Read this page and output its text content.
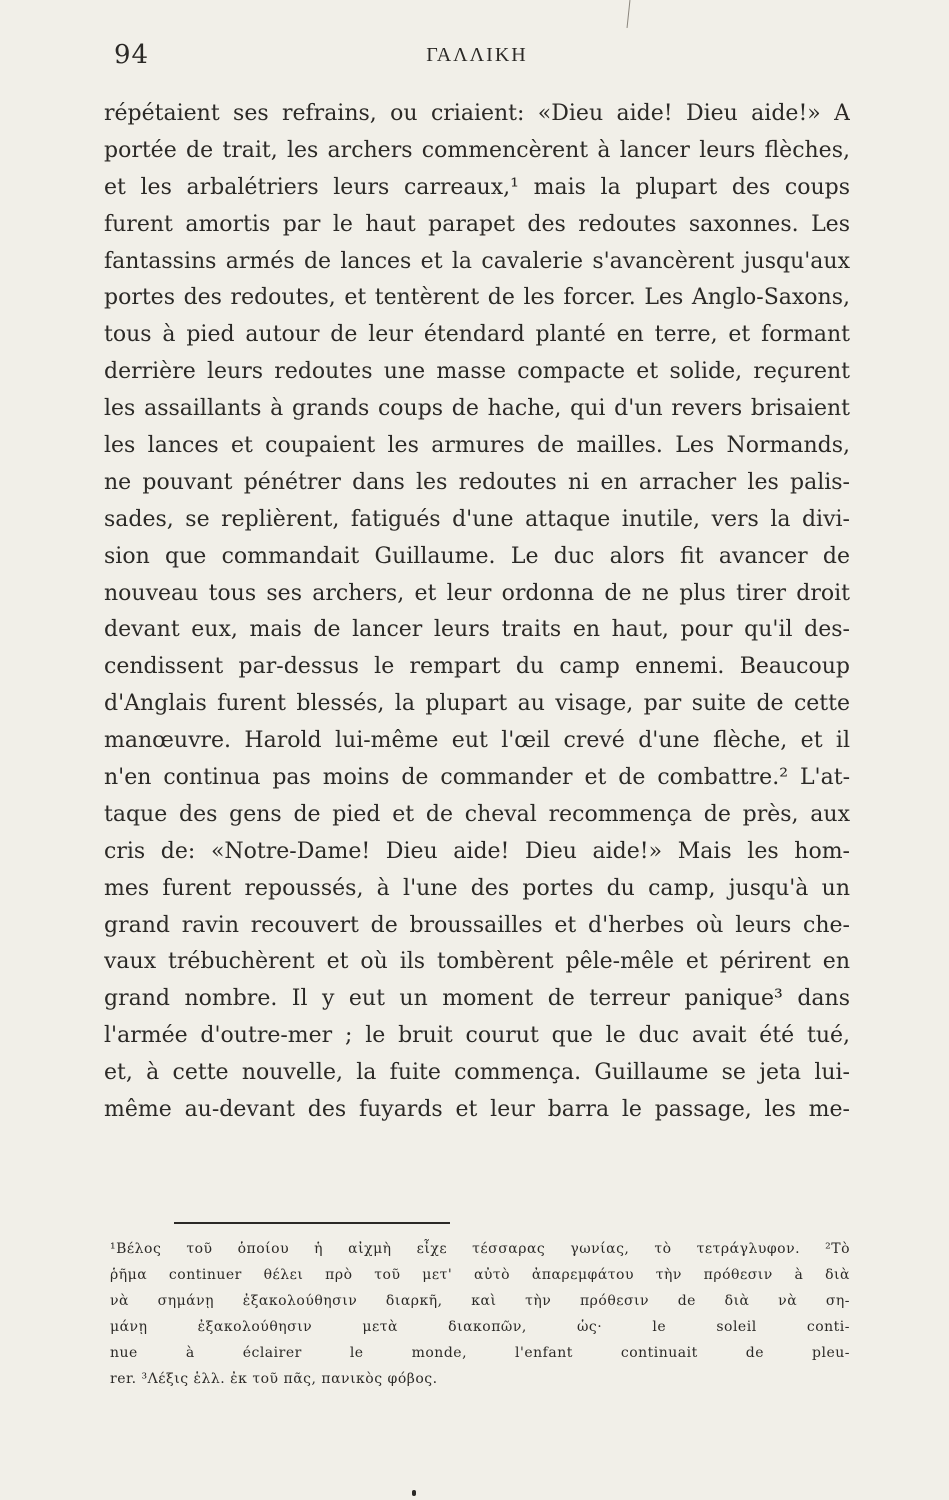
94	ΓΑΛΛΙΚΗ
répétaient ses refrains, ou criaient: «Dieu aide! Dieu aide!» A
portée de trait, les archers commencèrent à lancer leurs flèches,
et les arbalétriers leurs carreaux,¹ mais la plupart des coups
furent amortis par le haut parapet des redoutes saxonnes. Les
fantassins armés de lances et la cavalerie s'avancèrent jusqu'aux
portes des redoutes, et tentèrent de les forcer. Les Anglo-Saxons,
tous à pied autour de leur étendard planté en terre, et formant
derrière leurs redoutes une masse compacte et solide, reçurent
les assaillants à grands coups de hache, qui d'un revers brisaient
les lances et coupaient les armures de mailles. Les Normands,
ne pouvant pénétrer dans les redoutes ni en arracher les palis-
sades, se replièrent, fatigués d'une attaque inutile, vers la divi-
sion que commandait Guillaume. Le duc alors fit avancer de
nouveau tous ses archers, et leur ordonna de ne plus tirer droit
devant eux, mais de lancer leurs traits en haut, pour qu'il des-
cendissent par-dessus le rempart du camp ennemi. Beaucoup
d'Anglais furent blessés, la plupart au visage, par suite de cette
manœuvre. Harold lui-même eut l'œil crevé d'une flèche, et il
n'en continua pas moins de commander et de combattre.² L'at-
taque des gens de pied et de cheval recommença de près, aux
cris de: «Notre-Dame! Dieu aide! Dieu aide!» Mais les hom-
mes furent repoussés, à l'une des portes du camp, jusqu'à un
grand ravin recouvert de broussailles et d'herbes où leurs che-
vaux trébuchèrent et où ils tombèrent pêle-mêle et périrent en
grand nombre. Il y eut un moment de terreur panique³ dans
l'armée d'outre-mer ; le bruit courut que le duc avait été tué,
et, à cette nouvelle, la fuite commença. Guillaume se jeta lui-
même au-devant des fuyards et leur barra le passage, les me-
¹Βέλος τοῦ ὁποίου ἡ αἰχμὴ εἶχε τέσσαρας γωνίας, τὸ τετράγλυφον. ²Τὸ
ῥῆμα continuer θέλει πρὸ τοῦ μετ' αὐτὸ ἀπαρεμφάτου τὴν πρόθεσιν à διὰ
νὰ σημάνῃ ἐξακολούθησιν διαρκῆ, καὶ τὴν πρόθεσιν de διὰ νὰ ση-
μάνῃ ἐξακολούθησιν μετὰ διακοπῶν, ὡς· le soleil conti-
nue à éclairer le monde, l'enfant continuait de pleu-
rer. ³Λέξις ἑλλ. ἐκ τοῦ πᾶς, πανικὸς φόβος.
